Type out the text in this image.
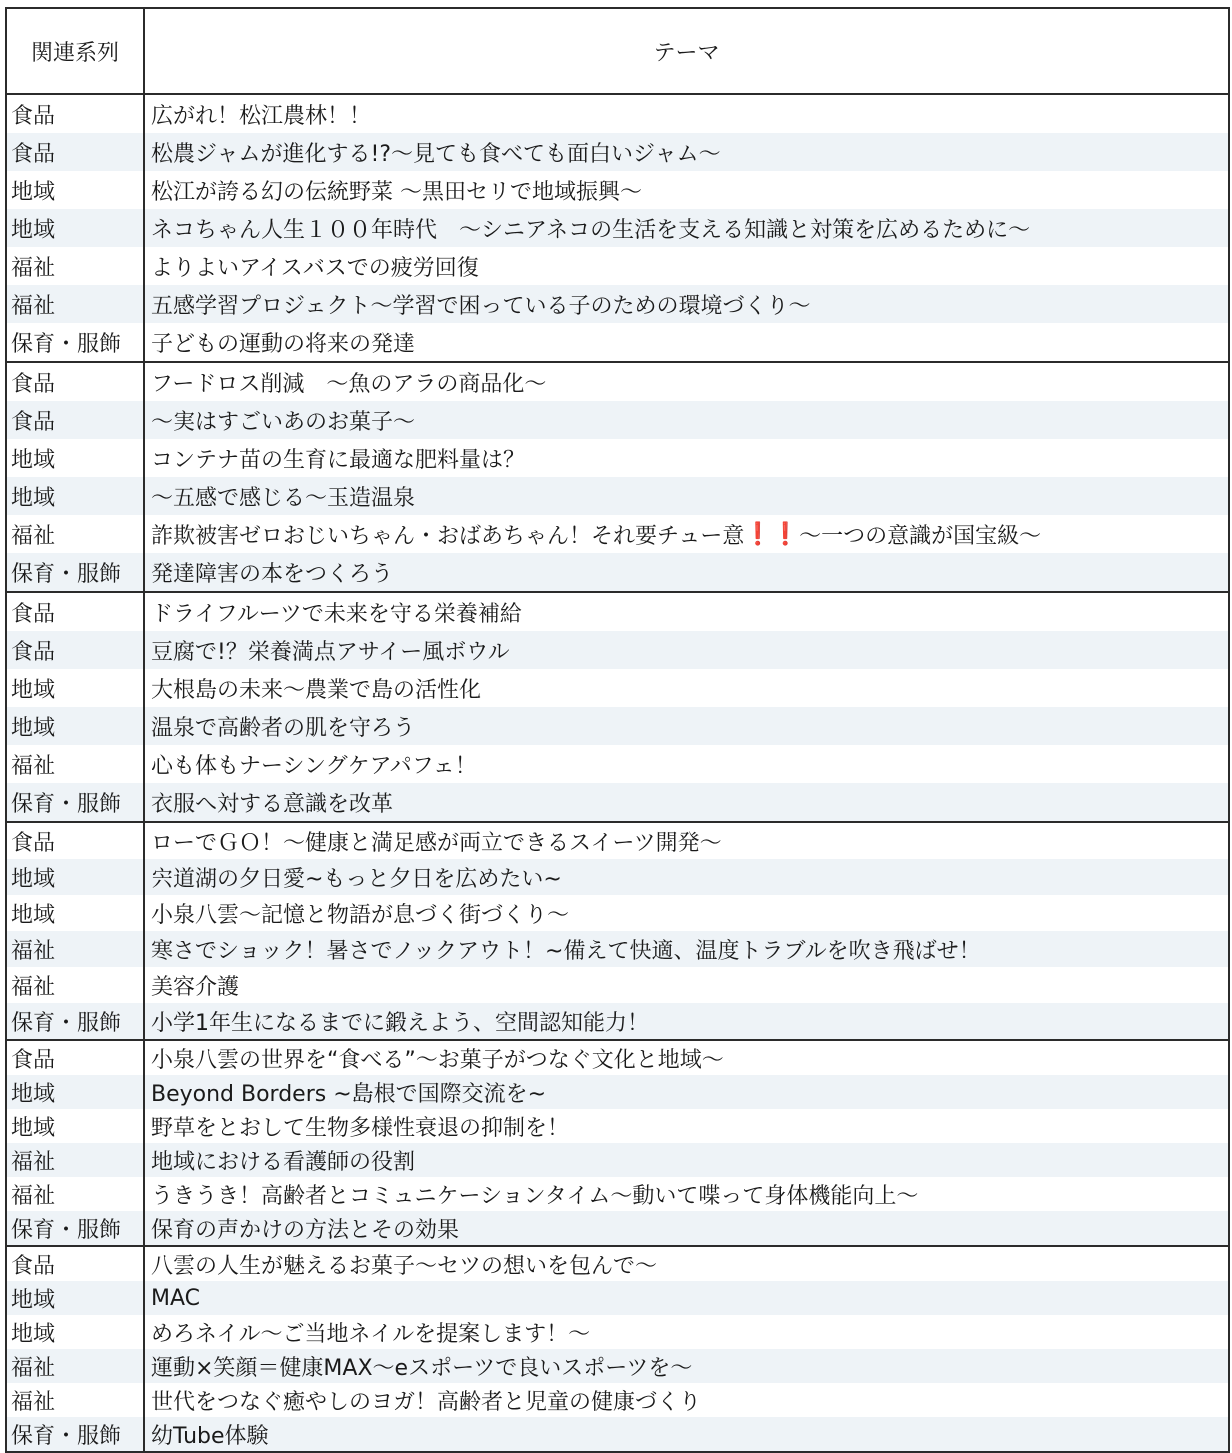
関連系列	テーマ
食品	広がれ！松江農林！！
食品	松農ジャムが進化する!?〜見ても食べても面白いジャム〜
地域	松江が誇る幻の伝統野菜 〜黒田セリで地域振興〜
地域	ネコちゃん人生１００年時代　〜シニアネコの生活を支える知識と対策を広めるために〜
福祉	よりよいアイスバスでの疲労回復
福祉	五感学習プロジェクト〜学習で困っている子のための環境づくり〜
保育・服飾	子どもの運動の将来の発達
食品	フードロス削減　〜魚のアラの商品化〜
食品	〜実はすごいあのお菓子〜
地域	コンテナ苗の生育に最適な肥料量は？
地域	〜五感で感じる〜玉造温泉
福祉	詐欺被害ゼロおじいちゃん・おばあちゃん！それ要チュー意 ❗❗ 〜一つの意識が国宝級〜
保育・服飾	発達障害の本をつくろう
食品	ドライフルーツで未来を守る栄養補給
食品	豆腐で!？栄養満点アサイー風ボウル
地域	大根島の未来〜農業で島の活性化
地域	温泉で高齢者の肌を守ろう
福祉	心も体もナーシングケアパフェ！
保育・服飾	衣服へ対する意識を改革
食品	ローでＧＯ！〜健康と満足感が両立できるスイーツ開発〜
地域	宍道湖の夕日愛~もっと夕日を広めたい~
地域	小泉八雲〜記憶と物語が息づく街づくり〜
福祉	寒さでショック！暑さでノックアウト！~備えて快適、温度トラブルを吹き飛ばせ！
福祉	美容介護
保育・服飾	小学1年生になるまでに鍛えよう、空間認知能力！
食品	小泉八雲の世界を“食べる”〜お菓子がつなぐ文化と地域〜
地域	Beyond Borders ~島根で国際交流を~
地域	野草をとおして生物多様性衰退の抑制を！
福祉	地域における看護師の役割
福祉	うきうき！高齢者とコミュニケーションタイム〜動いて喋って身体機能向上〜
保育・服飾	保育の声かけの方法とその効果
食品	八雲の人生が魅えるお菓子〜セツの想いを包んで〜
地域	MAC
地域	めろネイル〜ご当地ネイルを提案します！〜
福祉	運動×笑顔＝健康MAX〜eスポーツで良いスポーツを〜
福祉	世代をつなぐ癒やしのヨガ！高齢者と児童の健康づくり
保育・服飾	幼Tube体験
